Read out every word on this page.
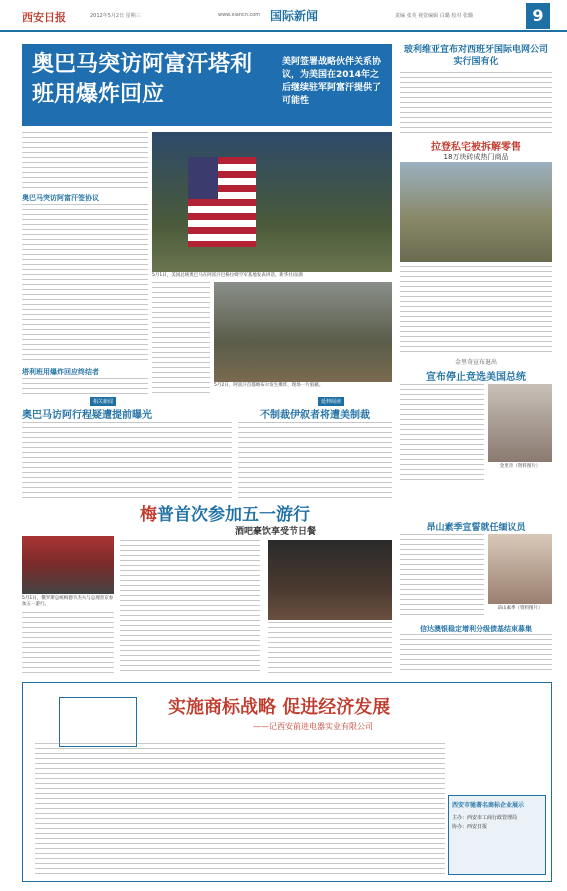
西安日报	2012年5月2日 星期三	www.xiancn.com 国际新闻	责编 张英 视觉编辑 白璐 校对 张璐	9
奥巴马突访阿富汗塔利班用爆炸回应
美阿签署战略伙伴关系协议，为美国在2014年之后继续驻军阿富汗提供了可能性
奥巴马突访阿富汗签协议
塔利班用爆炸回应终结者
5月1日，美国总统奥巴马在阿富汗巴格拉姆空军基地发表讲话。新华社/法新
5月2日，阿富汗首都喀布尔发生爆炸，现场一片狼藉。
相关新闻	延伸阅读
奥巴马访阿行程疑遭提前曝光	不制裁伊叙者将遭美制裁
梅普首次参加五一游行
酒吧豪饮享受节日餐
5月1日，俄罗斯总统梅德韦杰夫与总理普京参加五一游行。
玻利维亚宣布对西班牙国际电网公司实行国有化
拉登私宅被拆解零售
18万块砖成热门商品
金里奇宣布退出
宣布停止竞选美国总统
金里奇（资料图片）
昂山素季宣誓就任缅议员
昂山素季（资料图片）
信达澳银稳定增利分级债基结束募集
实施商标战略 促进经济发展
——记西安前进电器实业有限公司
西安市驰著名商标企业展示
主办：西安市工商行政管理局
协办：西安日报
